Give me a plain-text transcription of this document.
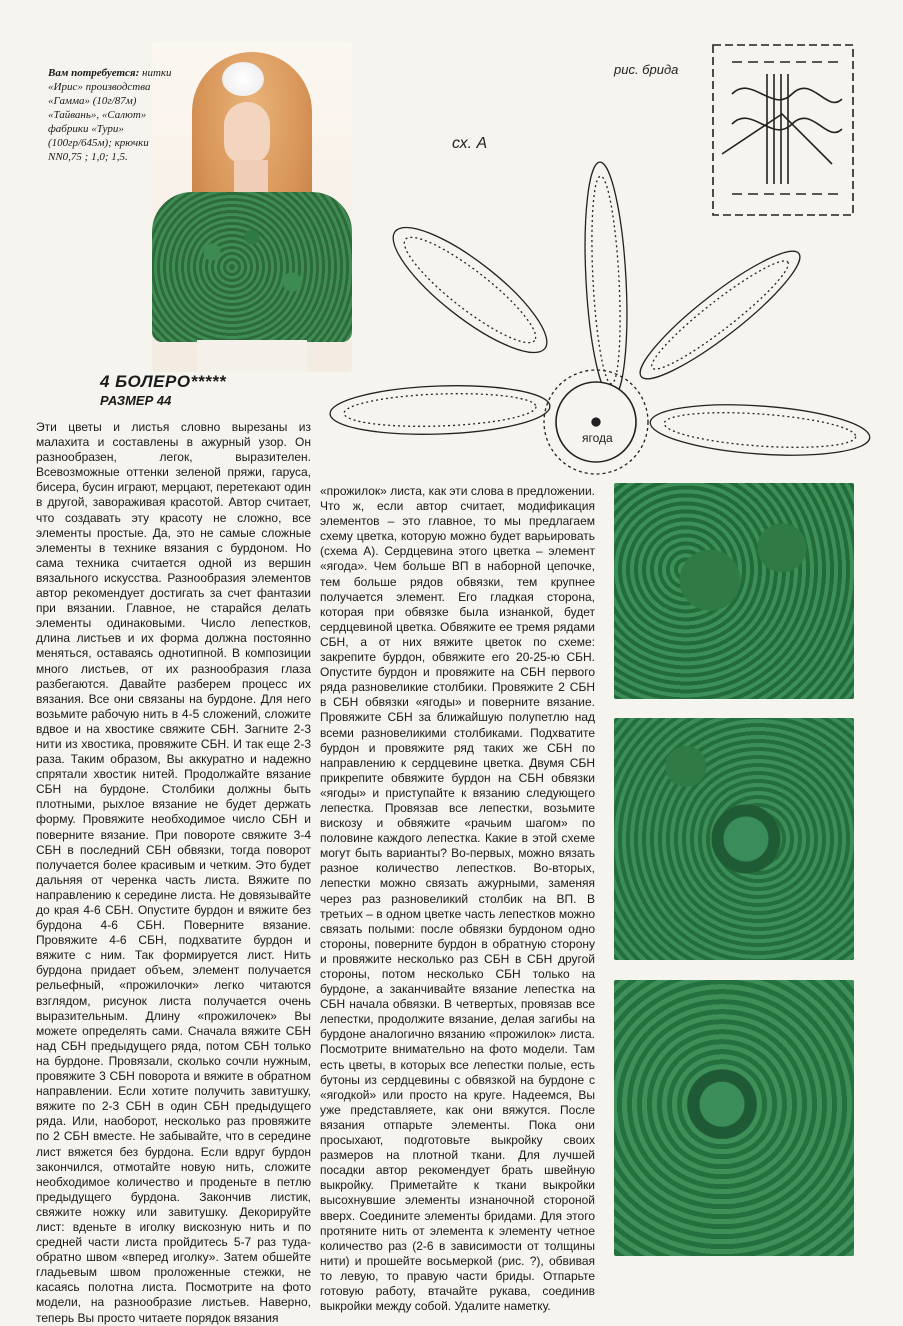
Вам потребуется: нитки «Ирис» производства «Гамма» (10г/87м) «Тайвань», «Салют» фабрики «Тури» (100гр/645м); крючки NN0,75 ; 1,0; 1,5.

4 БОЛЕРО*****
РАЗМЕР 44

сх. А

рис. брида

ягода

Эти цветы и листья словно вырезаны из малахита и составлены в ажурный узор. Он разнообразен, легок, выразителен. Всевозможные оттенки зеленой пряжи, гаруса, бисера, бусин играют, мерцают, перетекают один в другой, завораживая красотой. Автор считает, что создавать эту красоту не сложно, все элементы простые. Да, это не самые сложные элементы в технике вязания с бурдоном. Но сама техника считается одной из вершин вязального искусства. Разнообразия элементов автор рекомендует достигать за счет фантазии при вязании. Главное, не старайся делать элементы одинаковыми. Число лепестков, длина листьев и их форма должна постоянно меняться, оставаясь однотипной. В композиции много листьев, от их разнообразия глаза разбегаются. Давайте разберем процесс их вязания. Все они связаны на бурдоне. Для него возьмите рабочую нить в 4-5 сложений, сложите вдвое и на хвостике свяжите СБН. Загните 2-3 нити из хвостика, провяжите СБН. И так еще 2-3 раза. Таким образом, Вы аккуратно и надежно спрятали хвостик нитей. Продолжайте вязание СБН на бурдоне. Столбики должны быть плотными, рыхлое вязание не будет держать форму. Провяжите необходимое число СБН и поверните вязание. При повороте свяжите 3-4 СБН в последний СБН обвязки, тогда поворот получается более красивым и четким. Это будет дальняя от черенка часть листа. Вяжите по направлению к середине листа. Не довязывайте до края 4-6 СБН. Опустите бурдон и вяжите без бурдона 4-6 СБН. Поверните вязание. Провяжите 4-6 СБН, подхватите бурдон и вяжите с ним. Так формируется лист. Нить бурдона придает объем, элемент получается рельефный, «прожилочки» легко читаются взглядом, рисунок листа получается очень выразительным. Длину «прожилочек» Вы можете определять сами. Сначала вяжите СБН над СБН предыдущего ряда, потом СБН только на бурдоне. Провязали, сколько сочли нужным, провяжите 3 СБН поворота и вяжите в обратном направлении. Если хотите получить завитушку, вяжите по 2-3 СБН в один СБН предыдущего ряда. Или, наоборот, несколько раз провяжите по 2 СБН вместе. Не забывайте, что в середине лист вяжется без бурдона. Если вдруг бурдон закончился, отмотайте новую нить, сложите необходимое количество и проденьте в петлю предыдущего бурдона. Закончив листик, свяжите ножку или завитушку. Декорируйте лист: вденьте в иголку вискозную нить и по средней части листа пройдитесь 5-7 раз туда-обратно швом «вперед иголку». Затем обшейте гладьевым швом проложенные стежки, не касаясь полотна листа. Посмотрите на фото модели, на разнообразие листьев. Наверно, теперь Вы просто читаете порядок вязания

«прожилок» листа, как эти слова в предложении. Что ж, если автор считает, модификация элементов – это главное, то мы предлагаем схему цветка, которую можно будет варьировать (схема А). Сердцевина этого цветка – элемент «ягода». Чем больше ВП в наборной цепочке, тем больше рядов обвязки, тем крупнее получается элемент. Его гладкая сторона, которая при обвязке была изнанкой, будет сердцевиной цветка. Обвяжите ее тремя рядами СБН, а от них вяжите цветок по схеме: закрепите бурдон, обвяжите его 20-25-ю СБН. Опустите бурдон и провяжите на СБН первого ряда разновеликие столбики. Провяжите 2 СБН в СБН обвязки «ягоды» и поверните вязание. Провяжите СБН за ближайшую полупетлю над всеми разновеликими столбиками. Подхватите бурдон и провяжите ряд таких же СБН по направлению к сердцевине цветка. Двумя СБН прикрепите обвяжите бурдон на СБН обвязки «ягоды» и приступайте к вязанию следующего лепестка. Провязав все лепестки, возьмите вискозу и обвяжите «рачьим шагом» по половине каждого лепестка. Какие в этой схеме могут быть варианты? Во-первых, можно вязать разное количество лепестков. Во-вторых, лепестки можно связать ажурными, заменяя через раз разновеликий столбик на ВП. В третьих – в одном цветке часть лепестков можно связать полыми: после обвязки бурдоном одно стороны, поверните бурдон в обратную сторону и провяжите несколько раз СБН в СБН другой стороны, потом несколько СБН только на бурдоне, а заканчивайте вязание лепестка на СБН начала обвязки. В четвертых, провязав все лепестки, продолжите вязание, делая загибы на бурдоне аналогично вязанию «прожилок» листа. Посмотрите внимательно на фото модели. Там есть цветы, в которых все лепестки полые, есть бутоны из сердцевины с обвязкой на бурдоне с «ягодкой» или просто на круге. Надеемся, Вы уже представляете, как они вяжутся. После вязания отпарьте элементы. Пока они просыхают, подготовьте выкройку своих размеров на плотной ткани. Для лучшей посадки автор рекомендует брать швейную выкройку. Приметайте к ткани выкройки высохнувшие элементы изнаночной стороной вверх. Соедините элементы бридами. Для этого протяните нить от элемента к элементу четное количество раз (2-6 в зависимости от толщины нити) и прошейте восьмеркой (рис. ?), обвивая то левую, то правую части бриды. Отпарьте готовую работу, втачайте рукава, соединив выкройки между собой. Удалите наметку.
